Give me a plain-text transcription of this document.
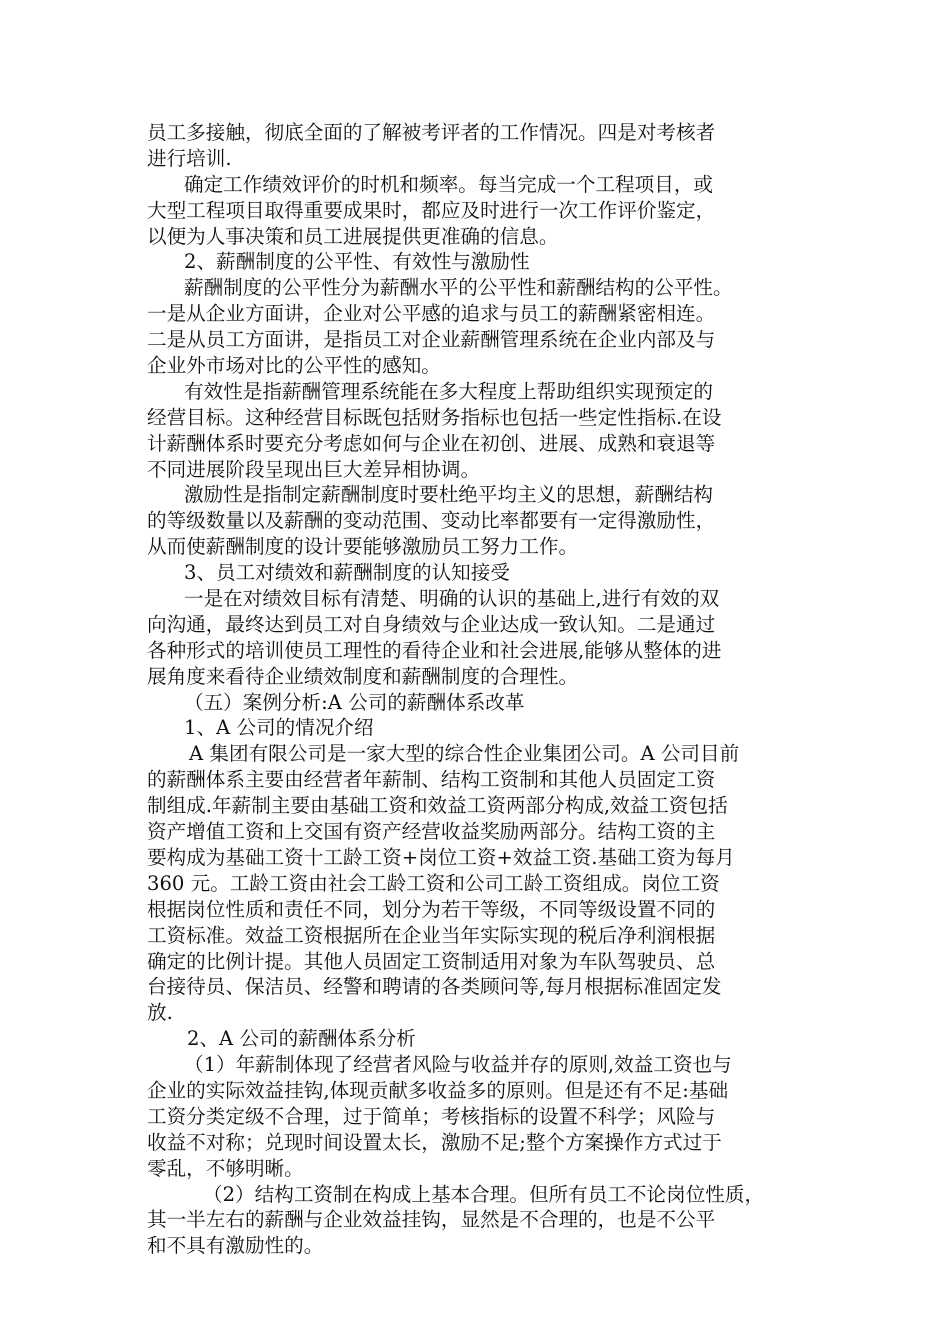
员工多接触，彻底全面的了解被考评者的工作情况。四是对考核者
进行培训.
确定工作绩效评价的时机和频率。每当完成一个工程项目，或
大型工程项目取得重要成果时，都应及时进行一次工作评价鉴定，
以便为人事决策和员工进展提供更准确的信息。
2、薪酬制度的公平性、有效性与激励性
薪酬制度的公平性分为薪酬水平的公平性和薪酬结构的公平性。
一是从企业方面讲，企业对公平感的追求与员工的薪酬紧密相连。
二是从员工方面讲，是指员工对企业薪酬管理系统在企业内部及与
企业外市场对比的公平性的感知。
有效性是指薪酬管理系统能在多大程度上帮助组织实现预定的
经营目标。这种经营目标既包括财务指标也包括一些定性指标.在设
计薪酬体系时要充分考虑如何与企业在初创、进展、成熟和衰退等
不同进展阶段呈现出巨大差异相协调。
激励性是指制定薪酬制度时要杜绝平均主义的思想，薪酬结构
的等级数量以及薪酬的变动范围、变动比率都要有一定得激励性，
从而使薪酬制度的设计要能够激励员工努力工作。
3、员工对绩效和薪酬制度的认知接受
一是在对绩效目标有清楚、明确的认识的基础上,进行有效的双
向沟通，最终达到员工对自身绩效与企业达成一致认知。二是通过
各种形式的培训使员工理性的看待企业和社会进展,能够从整体的进
展角度来看待企业绩效制度和薪酬制度的合理性。
（五）案例分析:A 公司的薪酬体系改革
1、A 公司的情况介绍
A 集团有限公司是一家大型的综合性企业集团公司。A 公司目前
的薪酬体系主要由经营者年薪制、结构工资制和其他人员固定工资
制组成.年薪制主要由基础工资和效益工资两部分构成,效益工资包括
资产增值工资和上交国有资产经营收益奖励两部分。结构工资的主
要构成为基础工资十工龄工资+岗位工资+效益工资.基础工资为每月
360 元。工龄工资由社会工龄工资和公司工龄工资组成。岗位工资
根据岗位性质和责任不同，划分为若干等级，不同等级设置不同的
工资标准。效益工资根据所在企业当年实际实现的税后净利润根据
确定的比例计提。其他人员固定工资制适用对象为车队驾驶员、总
台接待员、保洁员、经警和聘请的各类顾问等,每月根据标准固定发
放.
2、A 公司的薪酬体系分析
（1）年薪制体现了经营者风险与收益并存的原则,效益工资也与
企业的实际效益挂钩,体现贡献多收益多的原则。但是还有不足:基础
工资分类定级不合理，过于简单；考核指标的设置不科学；风险与
收益不对称；兑现时间设置太长，激励不足;整个方案操作方式过于
零乱，不够明晰。
（2）结构工资制在构成上基本合理。但所有员工不论岗位性质，
其一半左右的薪酬与企业效益挂钩，显然是不合理的，也是不公平
和不具有激励性的。
